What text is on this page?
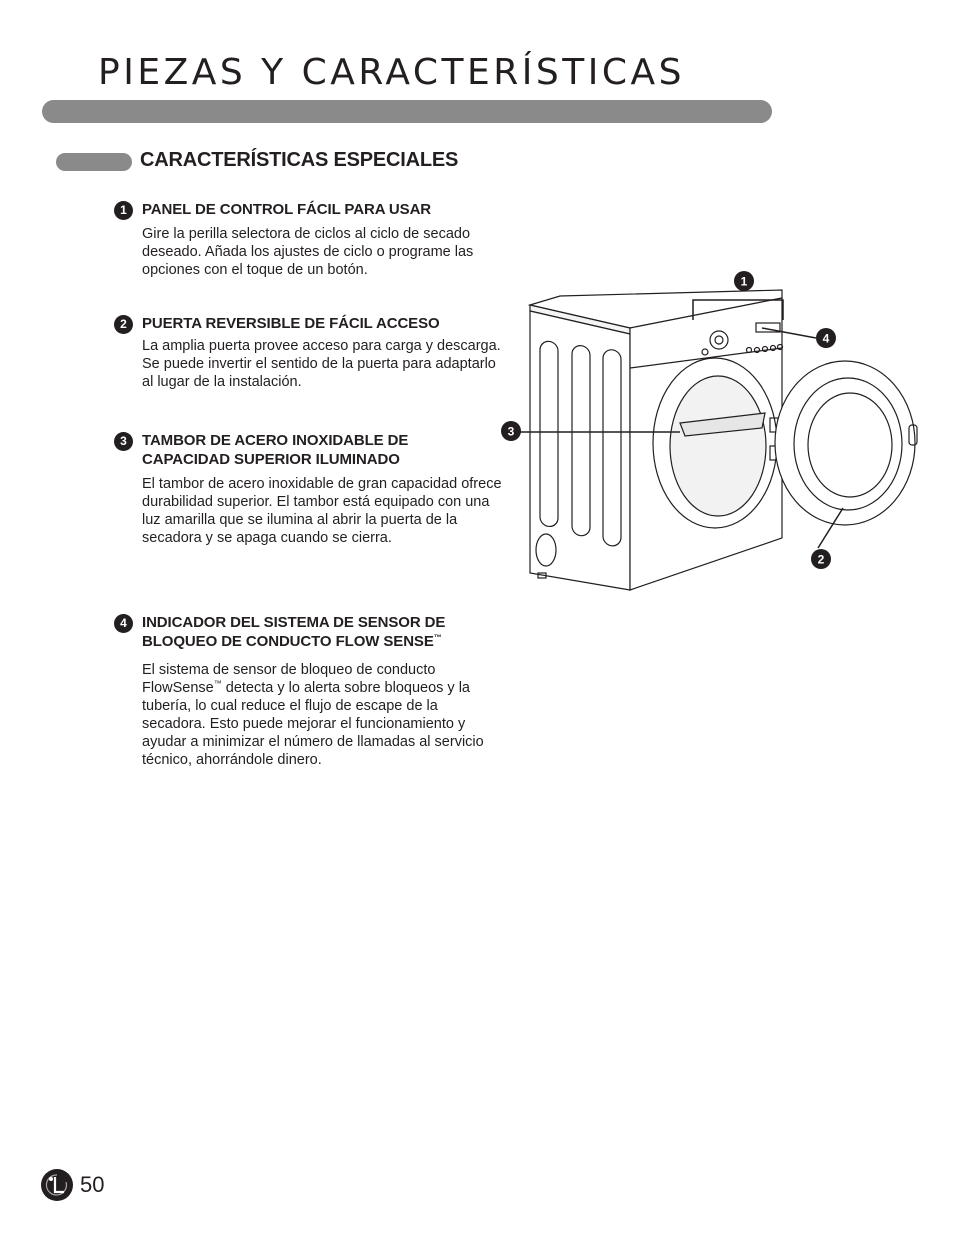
PIEZAS Y CARACTERÍSTICAS
CARACTERÍSTICAS ESPECIALES
1	PANEL DE CONTROL FÁCIL PARA USAR

Gire la perilla selectora de ciclos al ciclo de secado deseado. Añada los ajustes de ciclo o programe las opciones con el toque de un botón.

2	PUERTA REVERSIBLE DE FÁCIL ACCESO

La amplia puerta provee acceso para carga y descarga. Se puede invertir el sentido de la puerta para adaptarlo al lugar de la instalación.

3	TAMBOR DE ACERO INOXIDABLE DE CAPACIDAD SUPERIOR ILUMINADO

El tambor de acero inoxidable de gran capacidad ofrece durabilidad superior. El tambor está equipado con una luz amarilla que se ilumina al abrir la puerta de la secadora y se apaga cuando se cierra.

4	INDICADOR DEL SISTEMA DE SENSOR DE BLOQUEO DE CONDUCTO FLOW SENSE™

El sistema de sensor de bloqueo de conducto FlowSense™ detecta y lo alerta sobre bloqueos y la tubería, lo cual reduce el flujo de escape de la secadora. Esto puede mejorar el funcionamiento y ayudar a minimizar el número de llamadas al servicio técnico, ahorrándole dinero.

1
4
3
2
50
